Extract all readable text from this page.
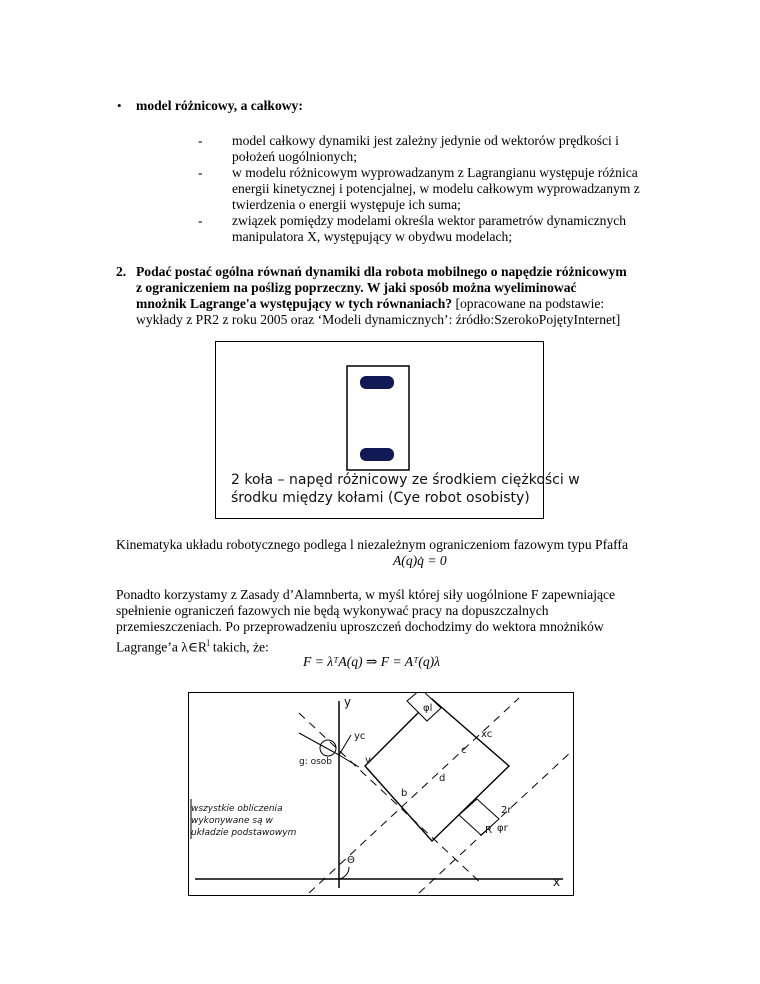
• model różnicowy, a całkowy:
- model całkowy dynamiki jest zależny jedynie od wektorów prędkości i
położeń uogólnionych;
- w modelu różnicowym wyprowadzanym z Lagrangianu występuje różnica
energii kinetycznej i potencjalnej, w modelu całkowym wyprowadzanym z
twierdzenia o energii występuje ich suma;
- związek pomiędzy modelami określa wektor parametrów dynamicznych
manipulatora X, występujący w obydwu modelach;
2. Podać postać ogólna równań dynamiki dla robota mobilnego o napędzie różnicowym
z ograniczeniem na poślizg poprzeczny. W jaki sposób można wyeliminować
mnożnik Lagrange'a występujący w tych równaniach? [opracowane na podstawie:
wykłady z PR2 z roku 2005 oraz ‘Modeli dynamicznych’: źródło:SzerokoPojętyInternet]
2 koła – napęd różnicowy ze środkiem ciężkości w
środku między kołami (Cye robot osobisty)
Kinematyka układu robotycznego podlega l niezależnym ograniczeniom fazowym typu Pfaffa
A(q)q̇ = 0
Ponadto korzystamy z Zasady d’Alamnberta, w myśl której siły uogólnione F zapewniające
spełnienie ograniczeń fazowych nie będą wykonywać pracy na dopuszczalnych
przemieszczeniach. Po przeprowadzeniu uproszczeń dochodzimy do wektora mnożników
Lagrange’a $\lambda\in R^l$ takich, że:
F = λᵀA(q) ⇒ F = Aᵀ(q)λ
wszystkie obliczenia
wykonywane są w
układzie podstawowym
y
x
yc	xc
Θ
g: osob	v
2r
R φr
φl
b
d
c
